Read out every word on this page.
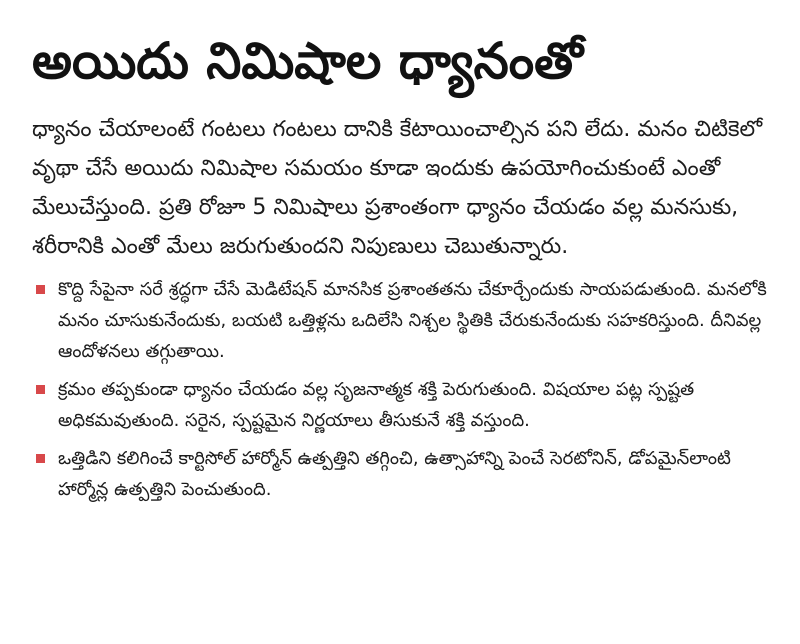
అయిదు నిమిషాల ధ్యానంతో

ధ్యానం చేయాలంటే గంటలు గంటలు దానికి కేటాయించాల్సిన పని లేదు. మనం చిటికెలో వృథా చేసే అయిదు నిమిషాల సమయం కూడా ఇందుకు ఉపయోగించుకుంటే ఎంతో మేలుచేస్తుంది. ప్రతి రోజూ 5 నిమిషాలు ప్రశాంతంగా ధ్యానం చేయడం వల్ల మనసుకు, శరీరానికి ఎంతో మేలు జరుగుతుందని నిపుణులు చెబుతున్నారు.

కొద్ది సేపైనా సరే శ్రద్ధగా చేసే మెడిటేషన్ మానసిక ప్రశాంతతను చేకూర్చేందుకు సాయపడుతుంది. మనలోకి మనం చూసుకునేందుకు, బయటి ఒత్తిళ్లను ఒదిలేసి నిశ్చల స్థితికి చేరుకునేందుకు సహకరిస్తుంది. దీనివల్ల ఆందోళనలు తగ్గుతాయి.
క్రమం తప్పకుండా ధ్యానం చేయడం వల్ల సృజనాత్మక శక్తి పెరుగుతుంది. విషయాల పట్ల స్పష్టత అధికమవుతుంది. సరైన, స్పష్టమైన నిర్ణయాలు తీసుకునే శక్తి వస్తుంది.
ఒత్తిడిని కలిగించే కార్టిసోల్ హార్మోన్ ఉత్పత్తిని తగ్గించి, ఉత్సాహాన్ని పెంచే సెరటోనిన్, డోపమైన్‌లాంటి హార్మోన్ల ఉత్పత్తిని పెంచుతుంది.
